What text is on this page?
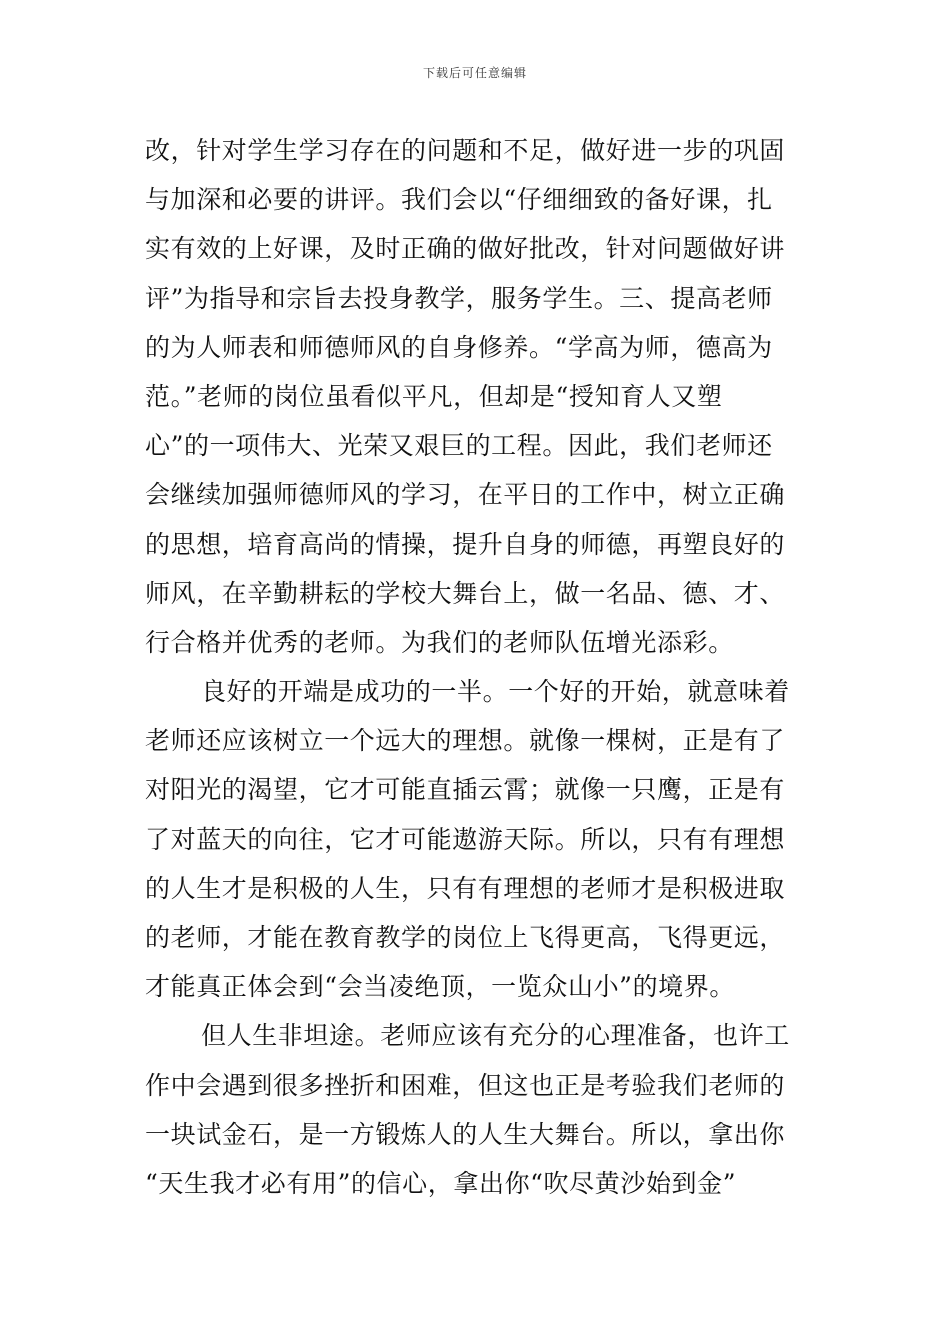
下载后可任意编辑
改，针对学生学习存在的问题和不足，做好进一步的巩固
与加深和必要的讲评。我们会以“仔细细致的备好课，扎
实有效的上好课，及时正确的做好批改，针对问题做好讲
评”为指导和宗旨去投身教学，服务学生。三、提高老师
的为人师表和师德师风的自身修养。“学高为师，德高为
范。”老师的岗位虽看似平凡，但却是“授知育人又塑
心”的一项伟大、光荣又艰巨的工程。因此，我们老师还
会继续加强师德师风的学习，在平日的工作中，树立正确
的思想，培育高尚的情操，提升自身的师德，再塑良好的
师风，在辛勤耕耘的学校大舞台上，做一名品、德、才、
行合格并优秀的老师。为我们的老师队伍增光添彩。
良好的开端是成功的一半。一个好的开始，就意味着
老师还应该树立一个远大的理想。就像一棵树，正是有了
对阳光的渴望，它才可能直插云霄；就像一只鹰，正是有
了对蓝天的向往，它才可能遨游天际。所以，只有有理想
的人生才是积极的人生，只有有理想的老师才是积极进取
的老师，才能在教育教学的岗位上飞得更高，飞得更远，
才能真正体会到“会当凌绝顶，一览众山小”的境界。
但人生非坦途。老师应该有充分的心理准备，也许工
作中会遇到很多挫折和困难，但这也正是考验我们老师的
一块试金石，是一方锻炼人的人生大舞台。所以，拿出你
“天生我才必有用”的信心，拿出你“吹尽黄沙始到金”
